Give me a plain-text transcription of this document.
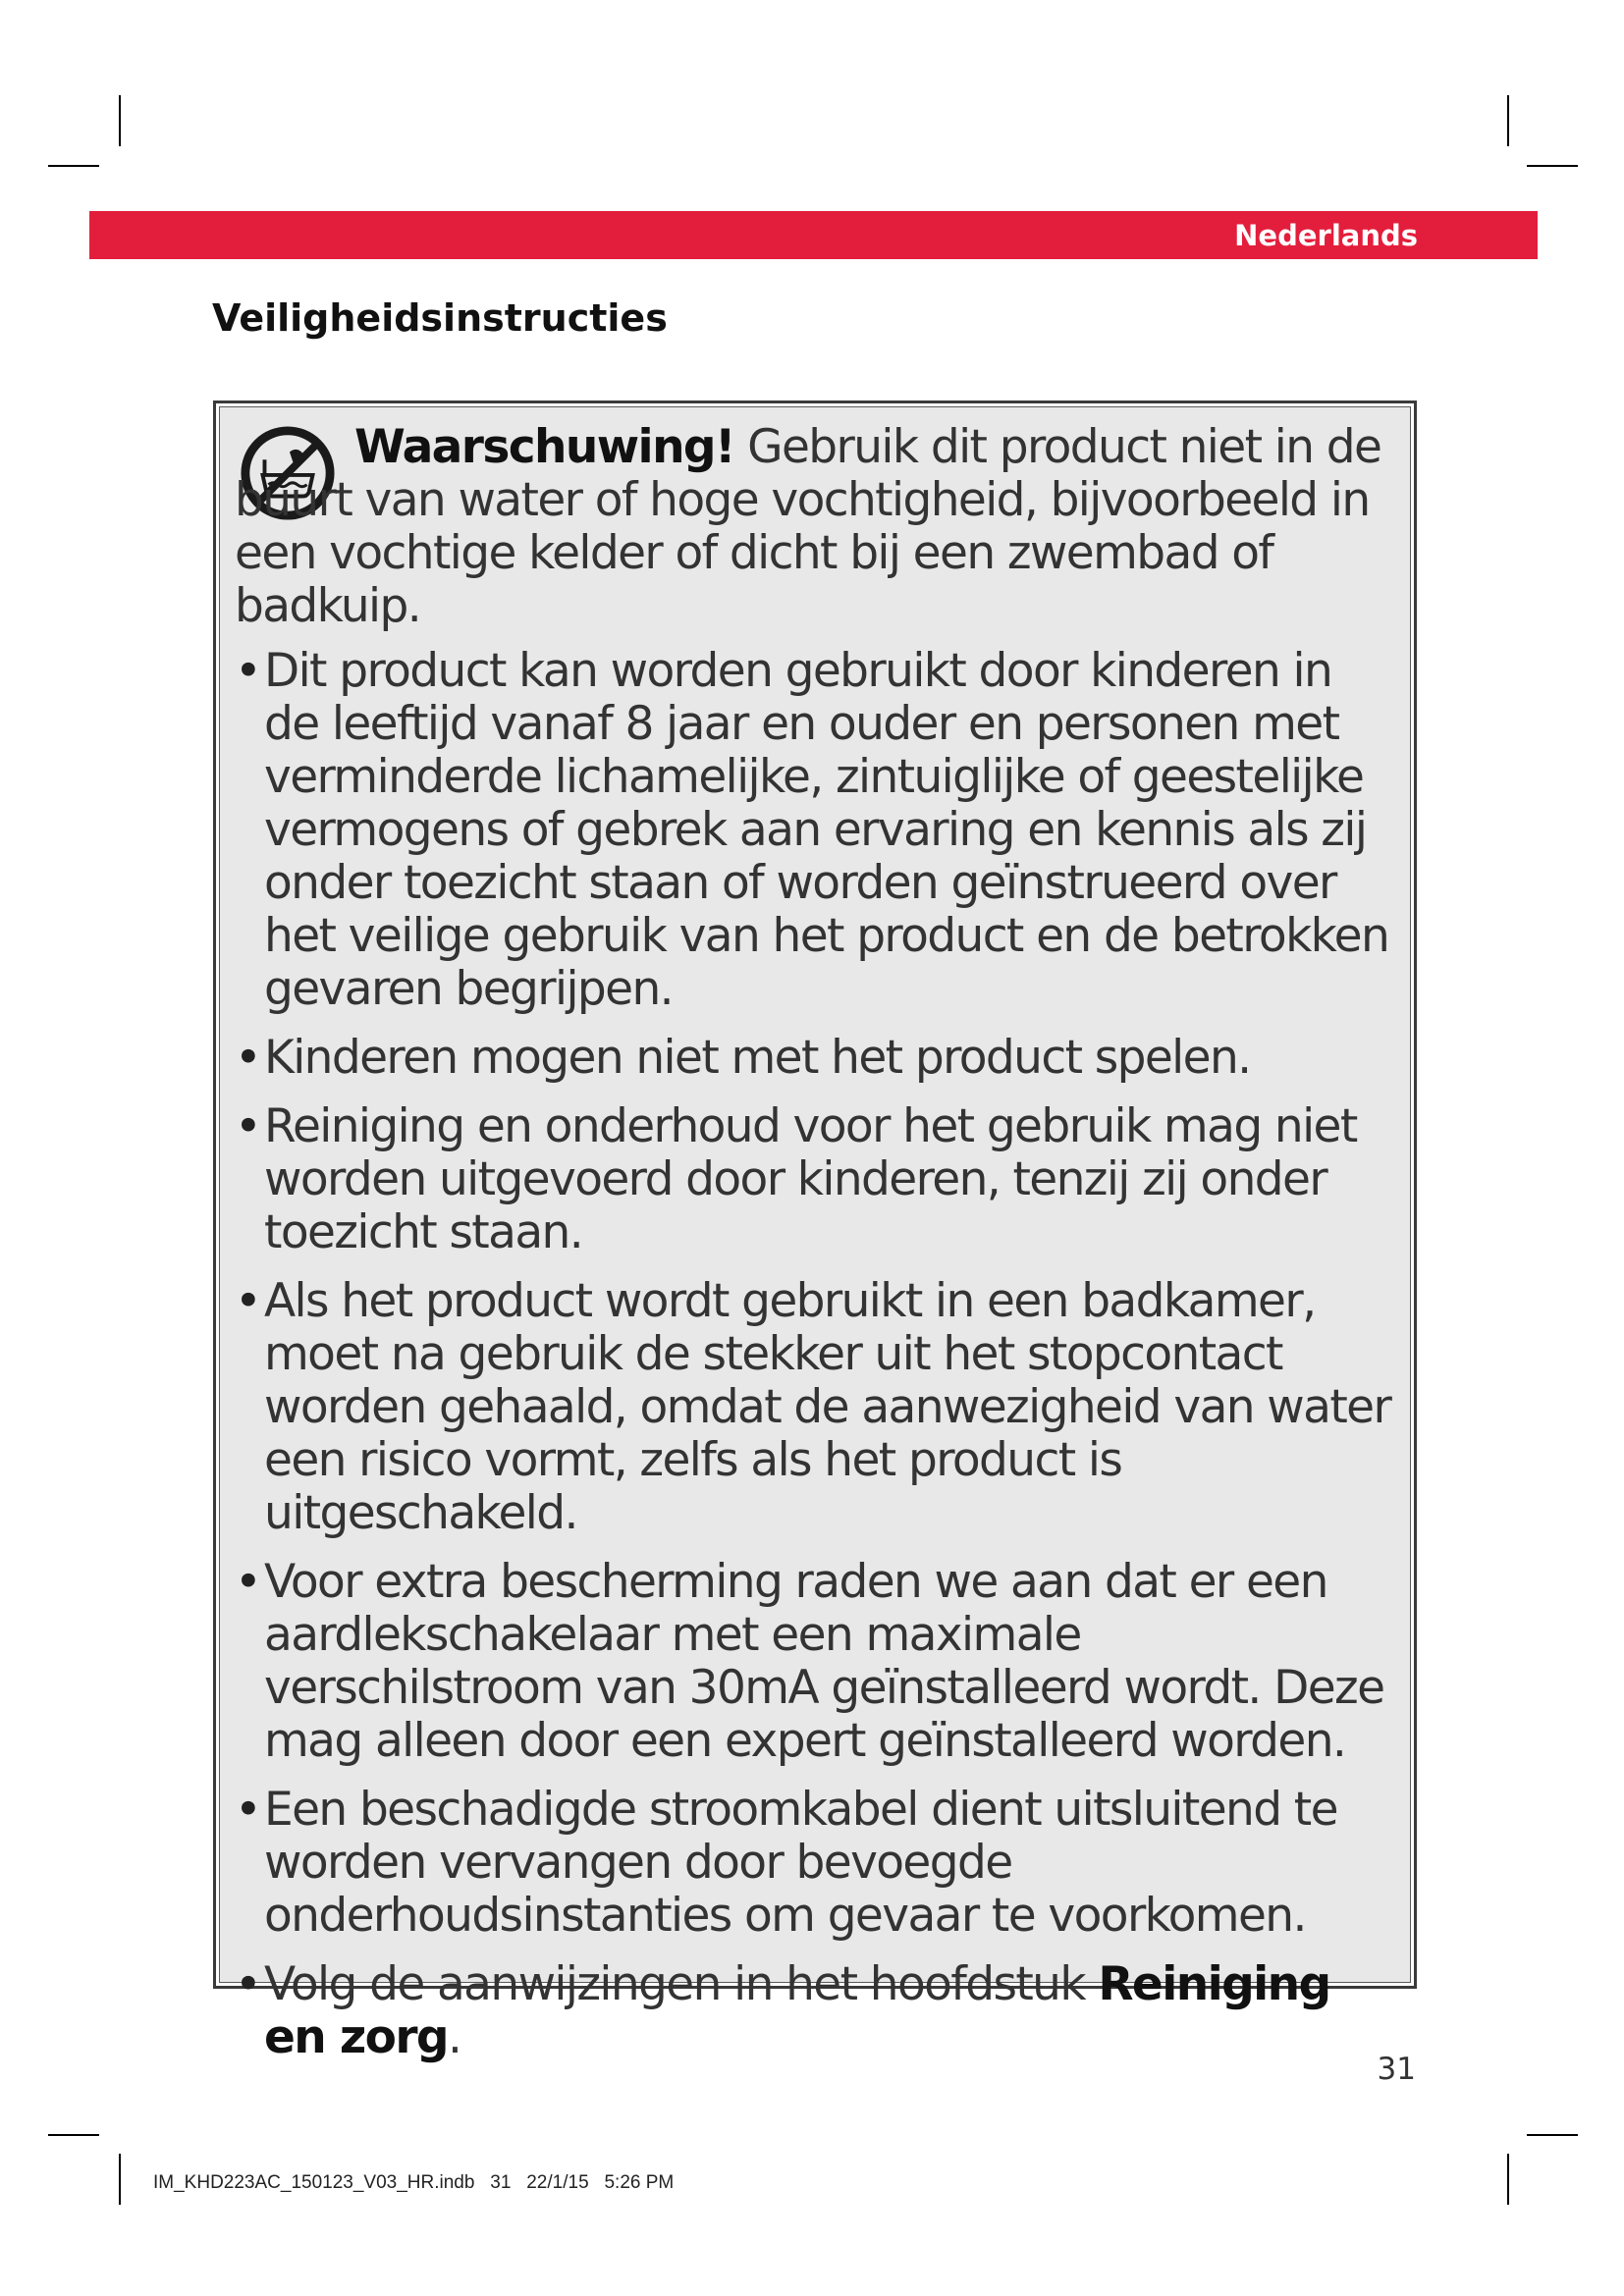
Nederlands
Veiligheidsinstructies

Waarschuwing! Gebruik dit product niet in de buurt van water of hoge vochtigheid, bijvoorbeeld in een vochtige kelder of dicht bij een zwembad of badkuip.

• Dit product kan worden gebruikt door kinderen in de leeftijd vanaf 8 jaar en ouder en personen met verminderde lichamelijke, zintuiglijke of geestelijke vermogens of gebrek aan ervaring en kennis als zij onder toezicht staan of worden geïnstrueerd over het veilige gebruik van het product en de betrokken gevaren begrijpen.
• Kinderen mogen niet met het product spelen.
• Reiniging en onderhoud voor het gebruik mag niet worden uitgevoerd door kinderen, tenzij zij onder toezicht staan.
• Als het product wordt gebruikt in een badkamer, moet na gebruik de stekker uit het stopcontact worden gehaald, omdat de aanwezigheid van water een risico vormt, zelfs als het product is uitgeschakeld.
• Voor extra bescherming raden we aan dat er een aardlekschakelaar met een maximale verschilstroom van 30mA geïnstalleerd wordt. Deze mag alleen door een expert geïnstalleerd worden.
• Een beschadigde stroomkabel dient uitsluitend te worden vervangen door bevoegde onderhoudsinstanties om gevaar te voorkomen.
• Volg de aanwijzingen in het hoofdstuk Reiniging en zorg.
31
IM_KHD223AC_150123_V03_HR.indb   31   22/1/15   5:26 PM
